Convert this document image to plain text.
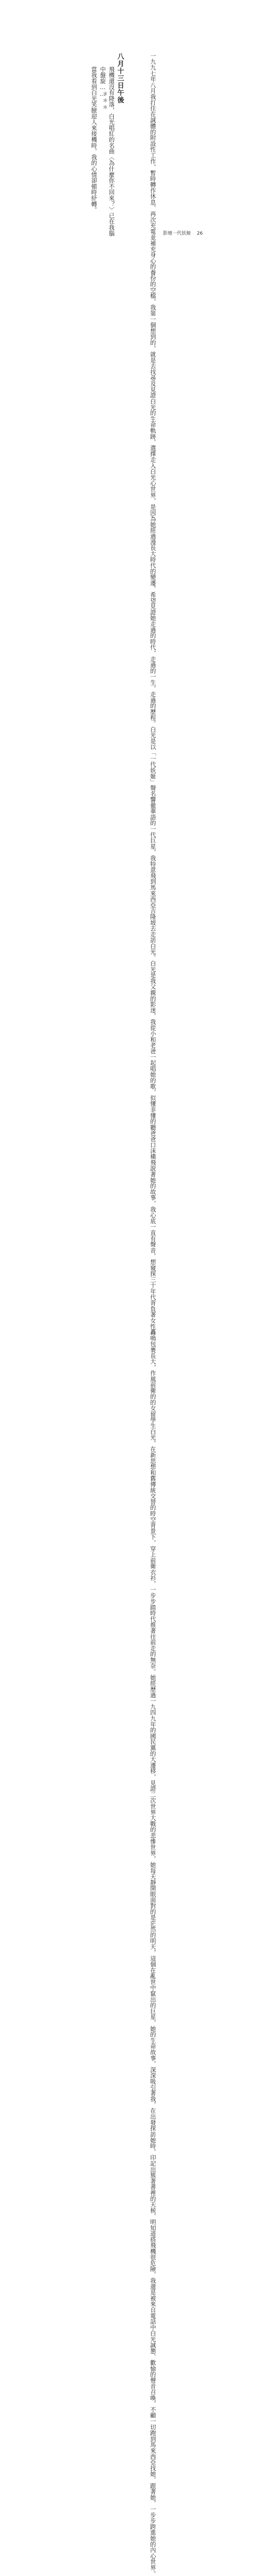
一九九七年八月我打住在誠體的附設性工作，暫時轉作休息，再次充電並補充身心的
養份的空檔，我第一個想到的，就是去找尋及見證白光的生命軌跡，選擇走入白光心世
界，是因為她經過漫長大時代的變遷，希望見證她走過的時代，走過的一生，走過的歷程。
白光是以「一代妖姬」聲名響徹華語的一代巨星，我特意飛到馬來西亞吉隆坡去走訪白
光。白光是我父親的影迷，我從小和老爸一起唱她的歌，似懂非懂的聽爸爸口沫橫
飛說著她的故事，我心底一直有聲音，想窺探三十年代背負著女性轟鳴包裹長大，作風
前衛的的女留學生白光，在新思想和舊傳統交替的時空背景下，穿上前衛衣衫，一步步踏時
代推著往前走的無奈。
她經歷過一九四九年的國民黨的大遷移，見證二次世界大戰的悲慘世界，她每天靜開
眼面對的是茫然的明天，這個在亂世中竄出的巨星，她的生命故事，深深吸引著我，在出
發探訪她時，印記出簇著書裡的天候，明知道搭飛機很危險，我還是被來自電話中白光誠
懇、歡愉的聲音召喚，不顧一切跑到馬來西亞找她，跟著她，一步步跨進她的內心世界。
八月十三日午後
飛機還沒有降落，白光唱紅的名曲〈為什麼你不回來？〉已在我腦中盤旋……
＊＊＊
當我看到白光笑臉迎人來接機時，我的心情卻頓時紓轉。
影壇一代妖姬 26
